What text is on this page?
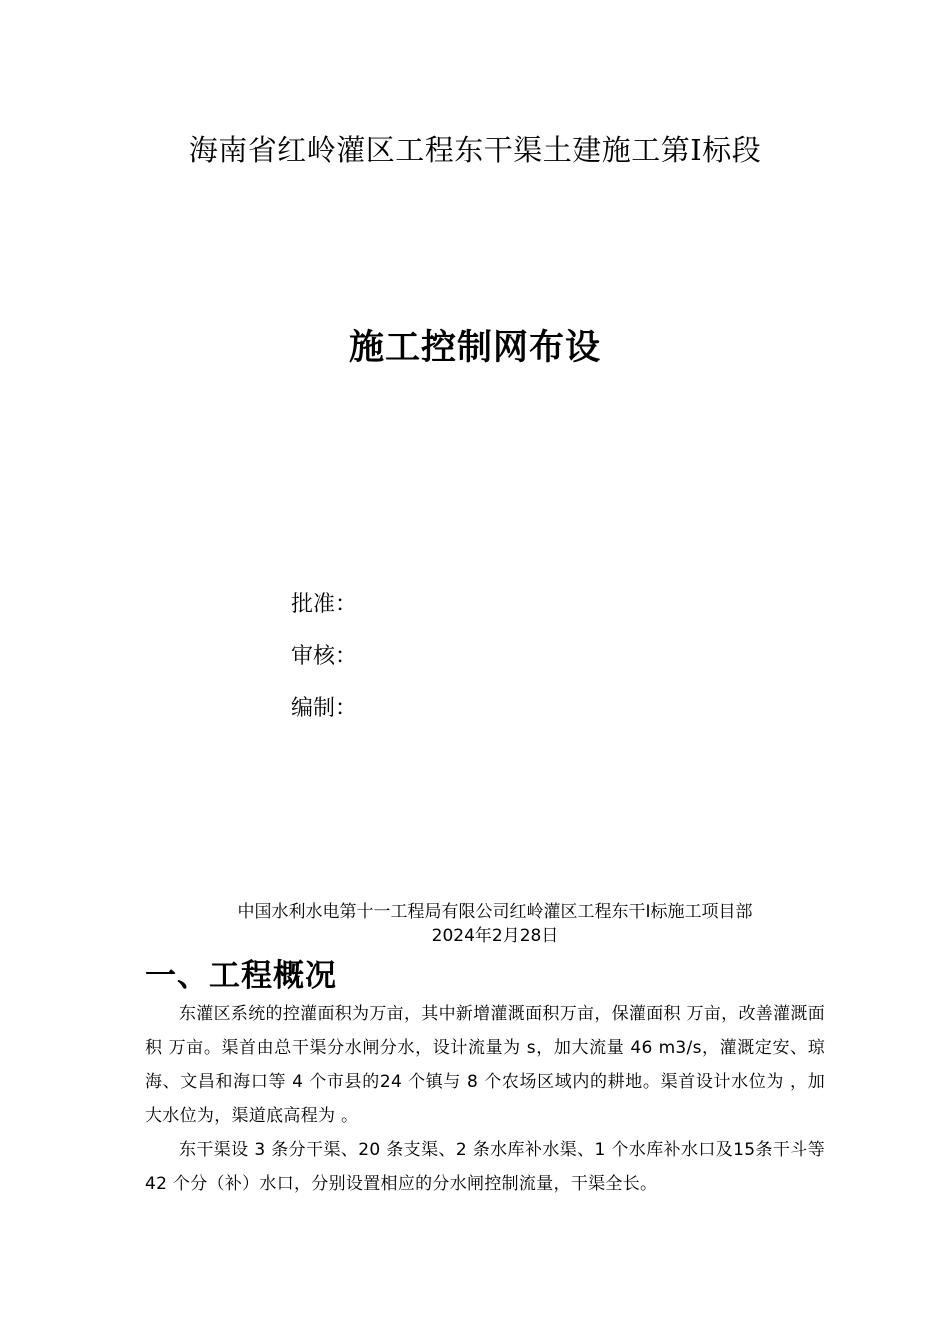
海南省红岭灌区工程东干渠土建施工第Ⅰ标段
施工控制网布设
批准：
审核：
编制：
中国水利水电第十一工程局有限公司红岭灌区工程东干Ⅰ标施工项目部
2024年2月28日
一、工程概况

东灌区系统的控灌面积为万亩，其中新增灌溉面积万亩，保灌面积 万亩，改善灌溉面积 万亩。渠首由总干渠分水闸分水，设计流量为 s，加大流量 46 m3/s，灌溉定安、琼海、文昌和海口等 4 个市县的24 个镇与 8 个农场区域内的耕地。渠首设计水位为 ，加大水位为，渠道底高程为 。

东干渠设 3 条分干渠、20 条支渠、2 条水库补水渠、1 个水库补水口及15条干斗等 42 个分（补）水口，分别设置相应的分水闸控制流量，干渠全长。
